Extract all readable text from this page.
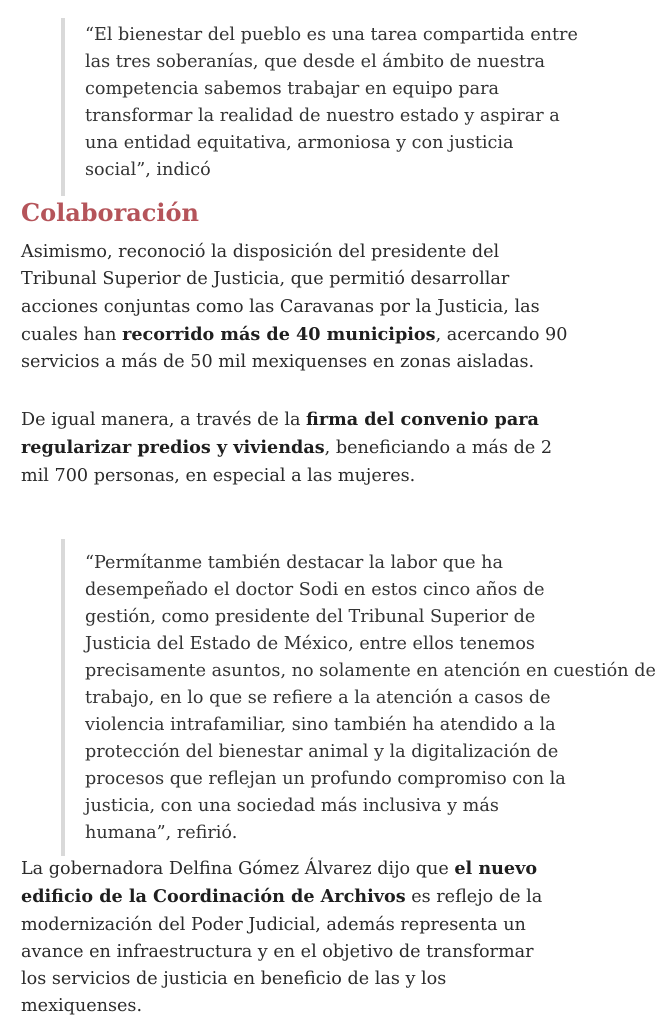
“El bienestar del pueblo es una tarea compartida entre
las tres soberanías, que desde el ámbito de nuestra
competencia sabemos trabajar en equipo para
transformar la realidad de nuestro estado y aspirar a
una entidad equitativa, armoniosa y con justicia
social”, indicó

Colaboración

Asimismo, reconoció la disposición del presidente del
Tribunal Superior de Justicia, que permitió desarrollar
acciones conjuntas como las Caravanas por la Justicia, las
cuales han recorrido más de 40 municipios, acercando 90
servicios a más de 50 mil mexiquenses en zonas aisladas.

De igual manera, a través de la firma del convenio para
regularizar predios y viviendas, beneficiando a más de 2
mil 700 personas, en especial a las mujeres.

“Permítanme también destacar la labor que ha
desempeñado el doctor Sodi en estos cinco años de
gestión, como presidente del Tribunal Superior de
Justicia del Estado de México, entre ellos tenemos
precisamente asuntos, no solamente en atención en cuestión de
trabajo, en lo que se refiere a la atención a casos de
violencia intrafamiliar, sino también ha atendido a la
protección del bienestar animal y la digitalización de
procesos que reflejan un profundo compromiso con la
justicia, con una sociedad más inclusiva y más
humana”, refirió.

La gobernadora Delfina Gómez Álvarez dijo que el nuevo
edificio de la Coordinación de Archivos es reflejo de la
modernización del Poder Judicial, además representa un
avance en infraestructura y en el objetivo de transformar
los servicios de justicia en beneficio de las y los
mexiquenses.
